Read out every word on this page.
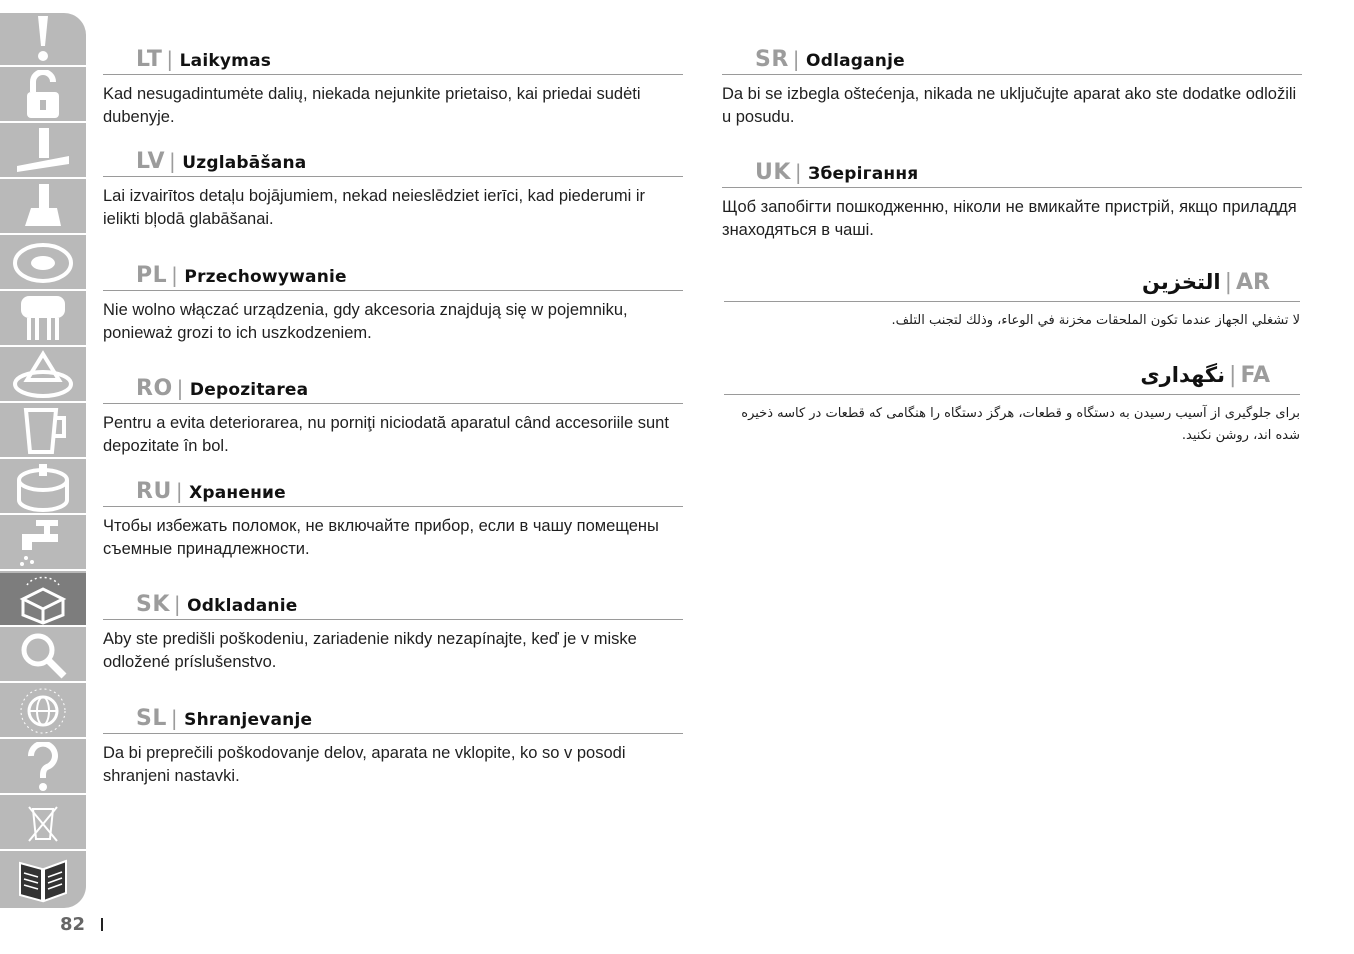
82
LT | Laikymas
Kad nesugadintumėte dalių, niekada nejunkite prietaiso, kai priedai sudėti dubenyje.
LV | Uzglabāšana
Lai izvairītos detaļu bojājumiem, nekad neieslēdziet ierīci, kad piederumi ir ielikti bļodā glabāšanai.
PL | Przechowywanie
Nie wolno włączać urządzenia, gdy akcesoria znajdują się w pojemniku, ponieważ grozi to ich uszkodzeniem.
RO | Depozitarea
Pentru a evita deteriorarea, nu porniţi niciodată aparatul când accesoriile sunt depozitate în bol.
RU | Хранение
Чтобы избежать поломок, не включайте прибор, если в чашу помещены съемные принадлежности.
SK | Odkladanie
Aby ste predišli poškodeniu, zariadenie nikdy nezapínajte, keď je v miske odložené príslušenstvo.
SL | Shranjevanje
Da bi preprečili poškodovanje delov, aparata ne vklopite, ko so v posodi shranjeni nastavki.
SR | Odlaganje
Da bi se izbegla oštećenja, nikada ne uključujte aparat ako ste dodatke odložili u posudu.
UK | Зберігання
Щоб запобігти пошкодженню, ніколи не вмикайте пристрій, якщо приладдя знаходяться в чаші.
التخزين | AR
لا تشغلي الجهاز عندما تكون الملحقات مخزنة في الوعاء، وذلك لتجنب التلف.
نگهداری | FA
برای جلوگیری از آسیب رسیدن به دستگاه و قطعات، هرگز دستگاه را هنگامی که قطعات در کاسه ذخیره شده اند، روشن نکنید.
